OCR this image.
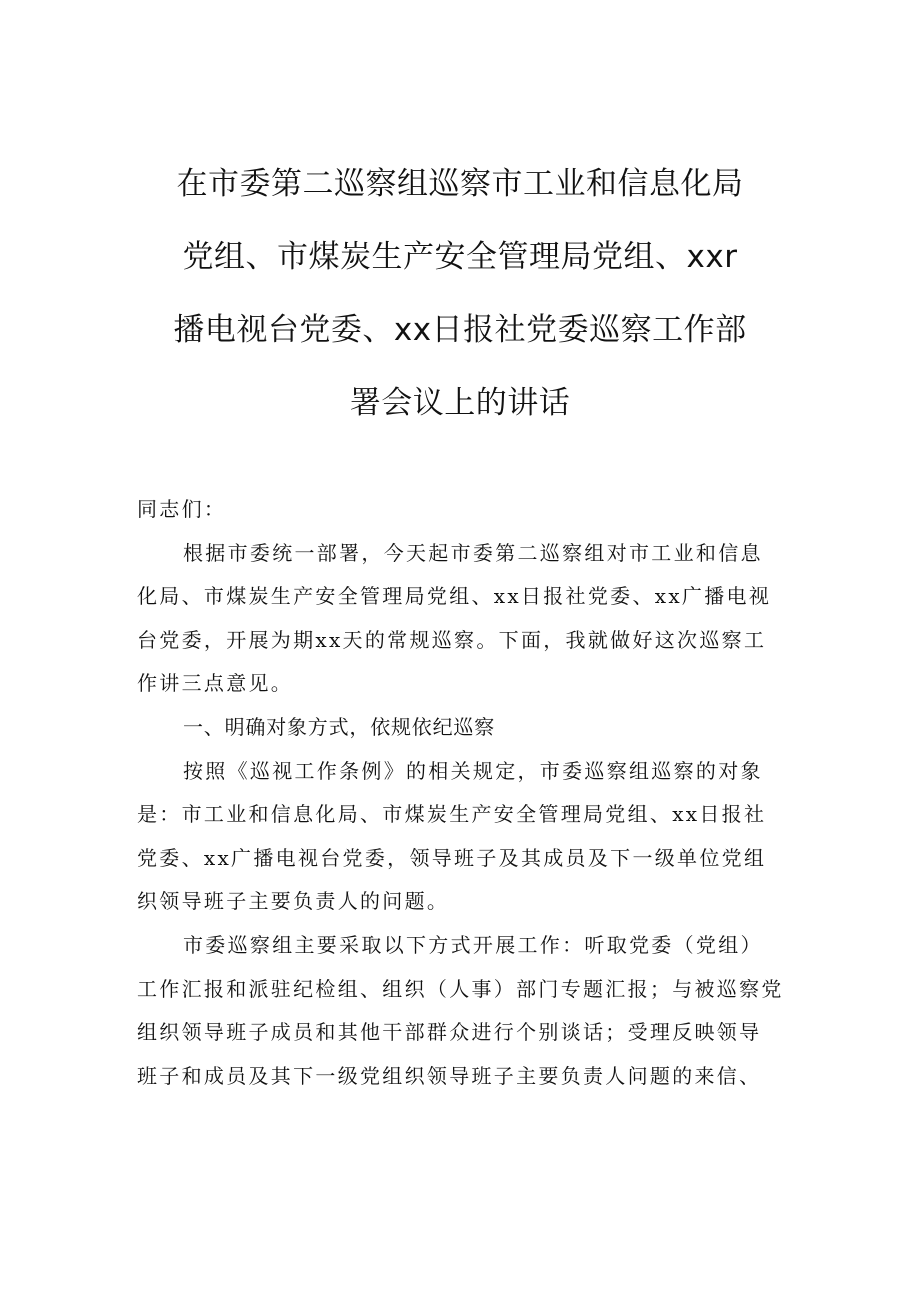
在市委第二巡察组巡察市工业和信息化局
党组、市煤炭生产安全管理局党组、xxr
播电视台党委、xx日报社党委巡察工作部
署会议上的讲话
同志们：
根据市委统一部署，今天起市委第二巡察组对市工业和信息
化局、市煤炭生产安全管理局党组、xx日报社党委、xx广播电视
台党委，开展为期xx天的常规巡察。下面，我就做好这次巡察工
作讲三点意见。
一、明确对象方式，依规依纪巡察
按照《巡视工作条例》的相关规定，市委巡察组巡察的对象
是：市工业和信息化局、市煤炭生产安全管理局党组、xx日报社
党委、xx广播电视台党委，领导班子及其成员及下一级单位党组
织领导班子主要负责人的问题。
市委巡察组主要采取以下方式开展工作：听取党委（党组）
工作汇报和派驻纪检组、组织（人事）部门专题汇报；与被巡察党
组织领导班子成员和其他干部群众进行个别谈话；受理反映领导
班子和成员及其下一级党组织领导班子主要负责人问题的来信、
